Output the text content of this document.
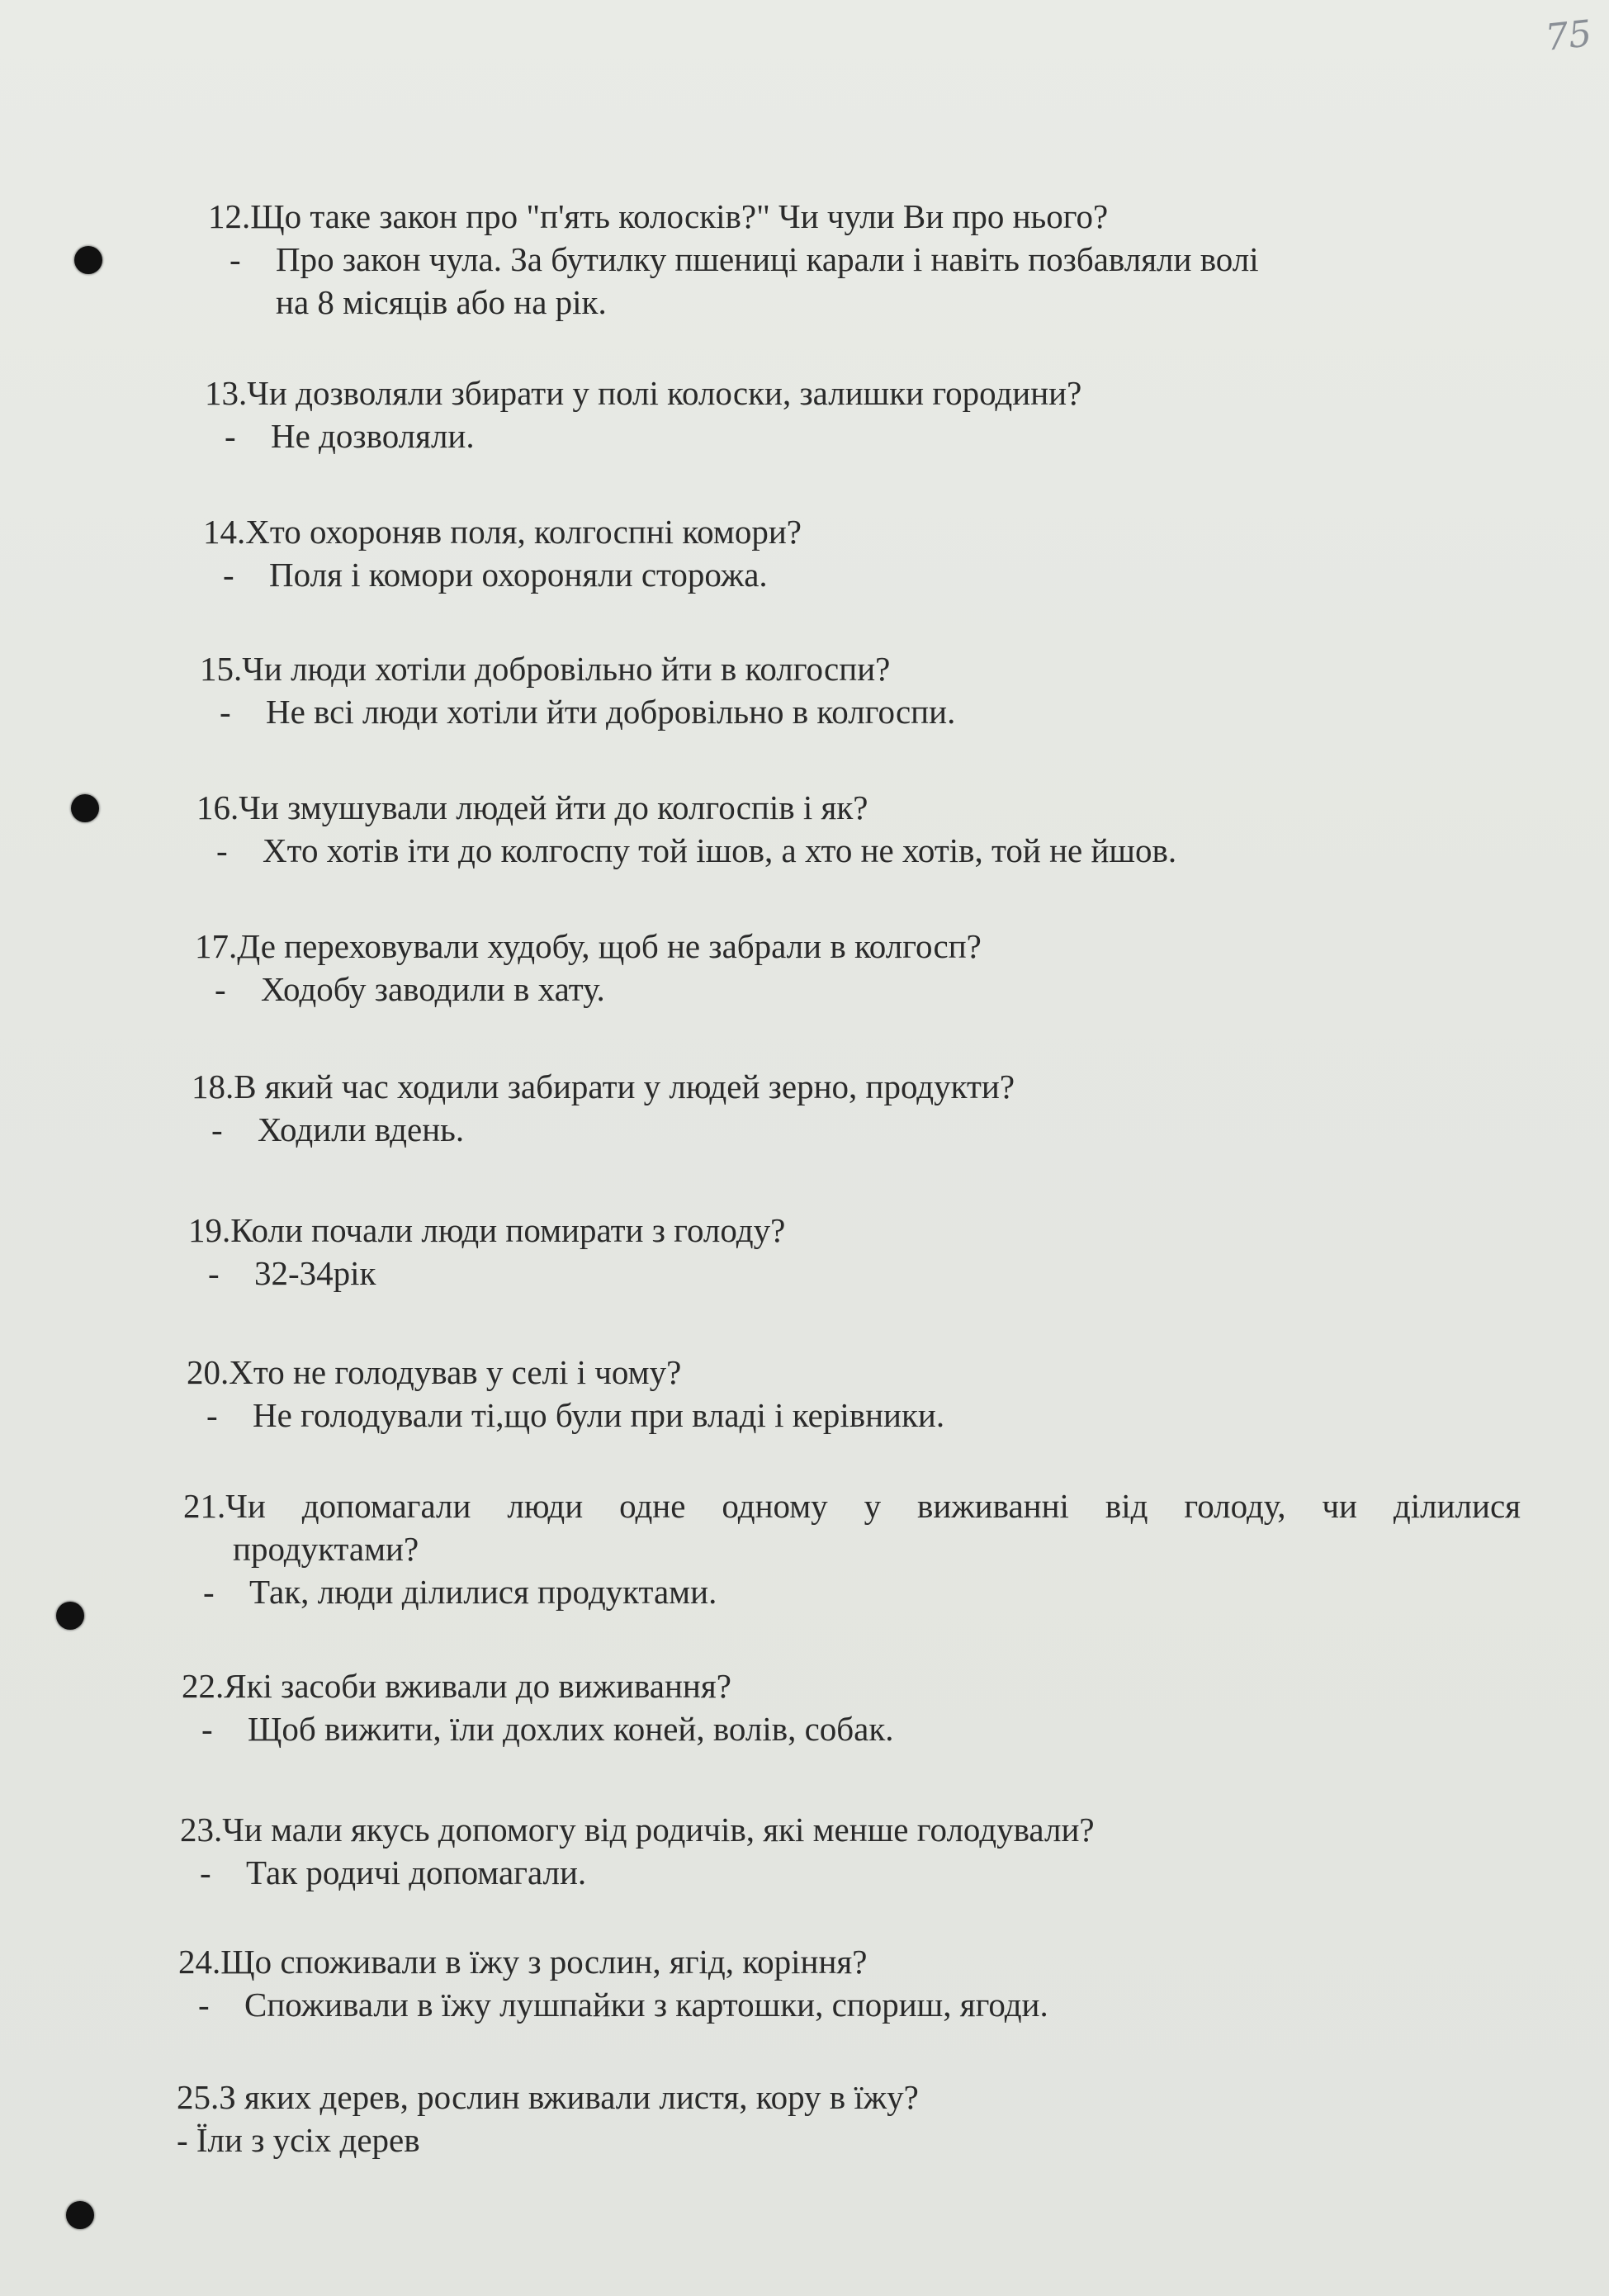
75
12.Що таке закон про "п'ять колосків?" Чи чули Ви про нього?
- Про закон чула. За бутилку пшениці карали і навіть позбавляли волі
на 8 місяців або на рік.
13.Чи дозволяли збирати у полі колоски, залишки городини?
- Не дозволяли.
14.Хто охороняв поля, колгоспні комори?
- Поля і комори охороняли сторожа.
15.Чи люди хотіли добровільно йти в колгоспи?
- Не всі люди хотіли йти добровільно в колгоспи.
16.Чи змушували людей йти до колгоспів і як?
- Хто хотів іти до колгоспу той ішов, а хто не хотів, той не йшов.
17.Де переховували худобу, щоб не забрали в колгосп?
- Ходобу заводили в хату.
18.В який час ходили забирати у людей зерно, продукти?
- Ходили вдень.
19.Коли почали люди помирати з голоду?
- 32-34рік
20.Хто не голодував у селі і чому?
- Не голодували ті,що були при владі і керівники.
21.Чи допомагали люди одне одному у виживанні від голоду, чи ділилися
продуктами?
- Так, люди ділилися продуктами.
22.Які засоби вживали до виживання?
- Щоб вижити, їли дохлих коней, волів, собак.
23.Чи мали якусь допомогу від родичів, які менше голодували?
- Так родичі допомагали.
24.Що споживали в їжу з рослин, ягід, коріння?
- Споживали в їжу лушпайки з картошки, спориш, ягоди.
25.З яких дерев, рослин вживали листя, кору в їжу?
- Їли з усіх дерев
